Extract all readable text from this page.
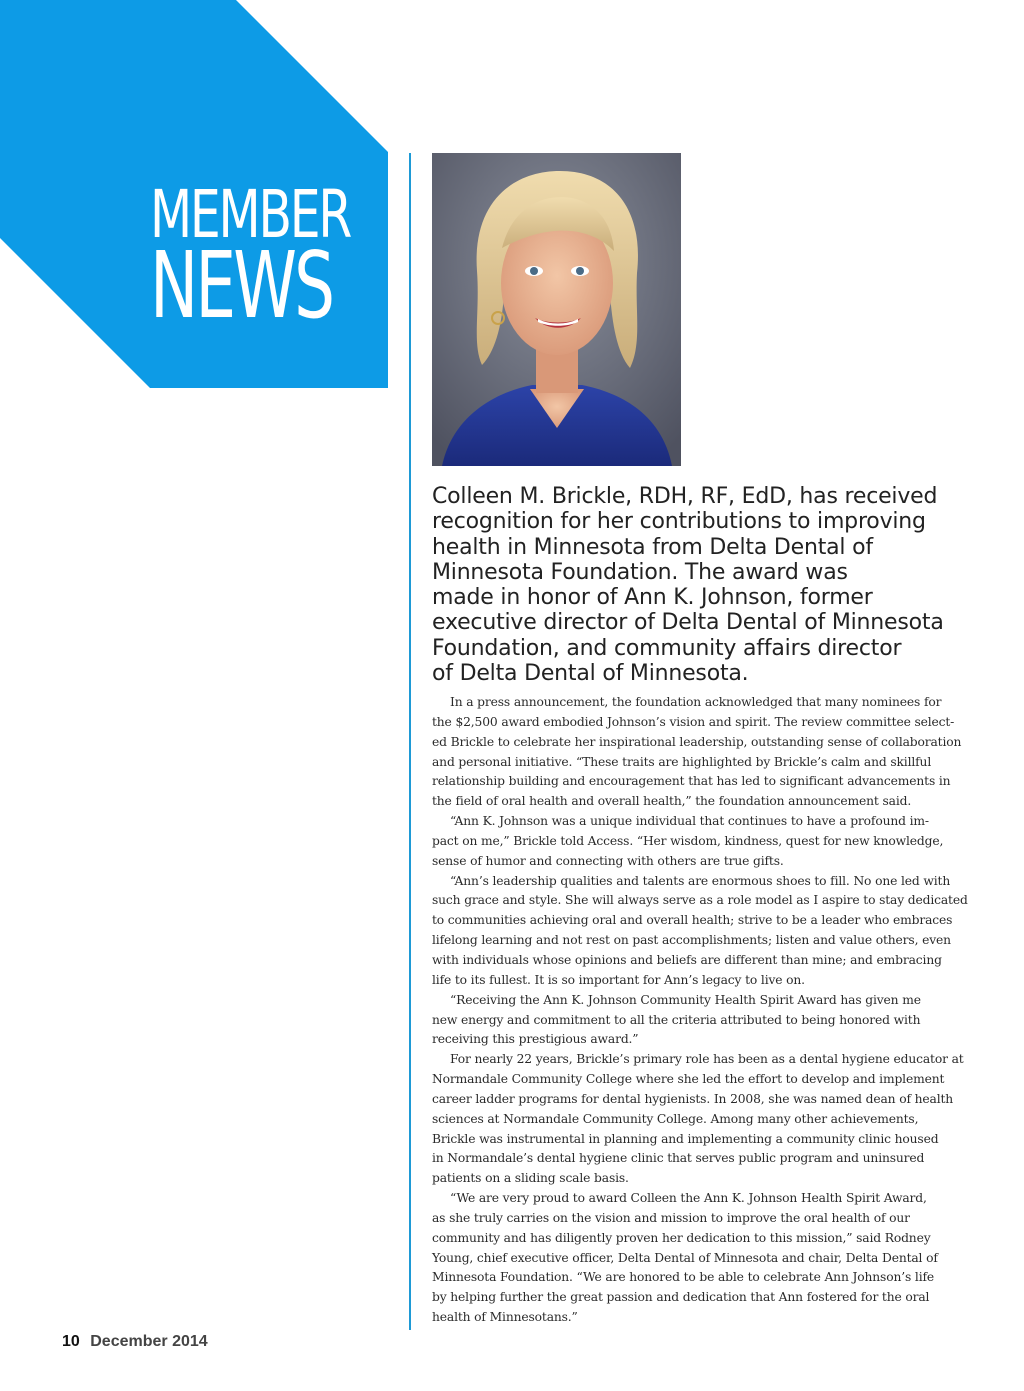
MEMBER
NEWS
Colleen M. Brickle, RDH, RF, EdD, has received
recognition for her contributions to improving
health in Minnesota from Delta Dental of
Minnesota Foundation. The award was
made in honor of Ann K. Johnson, former
executive director of Delta Dental of Minnesota
Foundation, and community affairs director
of Delta Dental of Minnesota.
In a press announcement, the foundation acknowledged that many nominees for
the $2,500 award embodied Johnson’s vision and spirit. The review committee select-
ed Brickle to celebrate her inspirational leadership, outstanding sense of collaboration
and personal initiative. “These traits are highlighted by Brickle’s calm and skillful
relationship building and encouragement that has led to significant advancements in
the field of oral health and overall health,” the foundation announcement said.
“Ann K. Johnson was a unique individual that continues to have a profound im-
pact on me,” Brickle told Access. “Her wisdom, kindness, quest for new knowledge,
sense of humor and connecting with others are true gifts.
“Ann’s leadership qualities and talents are enormous shoes to fill. No one led with
such grace and style. She will always serve as a role model as I aspire to stay dedicated
to communities achieving oral and overall health; strive to be a leader who embraces
lifelong learning and not rest on past accomplishments; listen and value others, even
with individuals whose opinions and beliefs are different than mine; and embracing
life to its fullest. It is so important for Ann’s legacy to live on.
“Receiving the Ann K. Johnson Community Health Spirit Award has given me
new energy and commitment to all the criteria attributed to being honored with
receiving this prestigious award.”
For nearly 22 years, Brickle’s primary role has been as a dental hygiene educator at
Normandale Community College where she led the effort to develop and implement
career ladder programs for dental hygienists. In 2008, she was named dean of health
sciences at Normandale Community College. Among many other achievements,
Brickle was instrumental in planning and implementing a community clinic housed
in Normandale’s dental hygiene clinic that serves public program and uninsured
patients on a sliding scale basis.
“We are very proud to award Colleen the Ann K. Johnson Health Spirit Award,
as she truly carries on the vision and mission to improve the oral health of our
community and has diligently proven her dedication to this mission,” said Rodney
Young, chief executive officer, Delta Dental of Minnesota and chair, Delta Dental of
Minnesota Foundation. “We are honored to be able to celebrate Ann Johnson’s life
by helping further the great passion and dedication that Ann fostered for the oral
health of Minnesotans.”
10 December 2014
